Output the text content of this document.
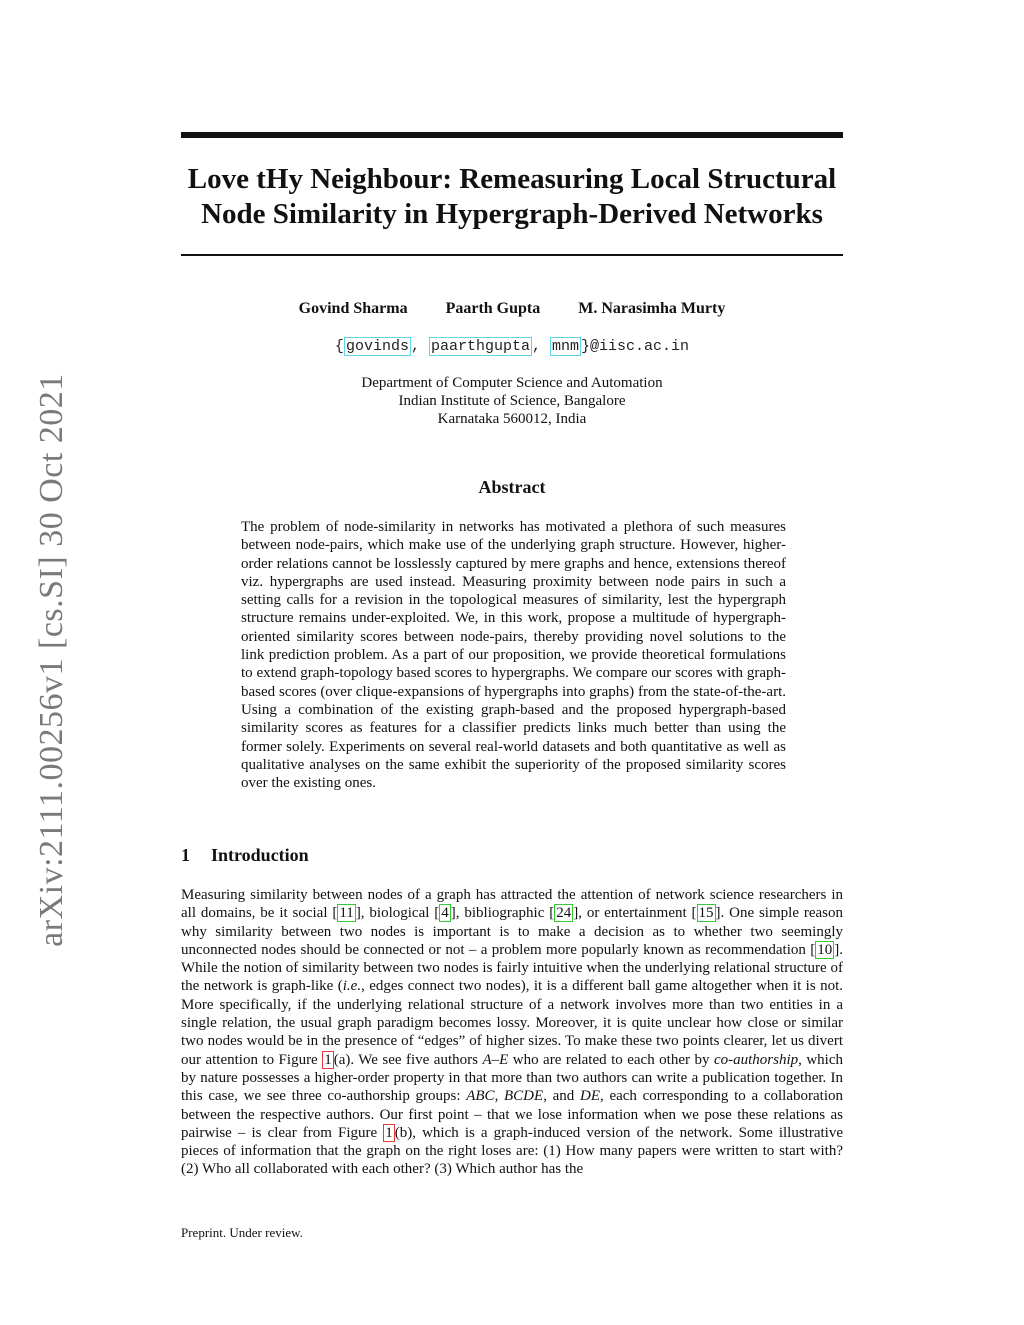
arXiv:2111.00256v1 [cs.SI] 30 Oct 2021
Love tHy Neighbour: Remeasuring Local Structural
Node Similarity in Hypergraph-Derived Networks
Govind Sharma Paarth Gupta M. Narasimha Murty
{ govinds , paarthgupta , mnm }@iisc.ac.in
Department of Computer Science and Automation
Indian Institute of Science, Bangalore
Karnataka 560012, India
Abstract

The problem of node-similarity in networks has motivated a plethora of such measures between node-pairs, which make use of the underlying graph structure. However, higher-order relations cannot be losslessly captured by mere graphs and hence, extensions thereof viz. hypergraphs are used instead. Measuring proximity between node pairs in such a setting calls for a revision in the topological measures of similarity, lest the hypergraph structure remains under-exploited. We, in this work, propose a multitude of hypergraph-oriented similarity scores between node-pairs, thereby providing novel solutions to the link prediction problem. As a part of our proposition, we provide theoretical formulations to extend graph-topology based scores to hypergraphs. We compare our scores with graph-based scores (over clique-expansions of hypergraphs into graphs) from the state-of-the-art. Using a combination of the existing graph-based and the proposed hypergraph-based similarity scores as features for a classifier predicts links much better than using the former solely. Experiments on several real-world datasets and both quantitative as well as qualitative analyses on the same exhibit the superiority of the proposed similarity scores over the existing ones.

1 Introduction

Measuring similarity between nodes of a graph has attracted the attention of network science researchers in all domains, be it social [ 11 ], biological [ 4 ], bibliographic [ 24 ], or entertainment [ 15 ]. One simple reason why similarity between two nodes is important is to make a decision as to whether two seemingly unconnected nodes should be connected or not – a problem more popularly known as recommendation [ 10 ]. While the notion of similarity between two nodes is fairly intuitive when the underlying relational structure of the network is graph-like (i.e., edges connect two nodes), it is a different ball game altogether when it is not. More specifically, if the underlying relational structure of a network involves more than two entities in a single relation, the usual graph paradigm becomes lossy. Moreover, it is quite unclear how close or similar two nodes would be in the presence of “edges” of higher sizes. To make these two points clearer, let us divert our attention to Figure 1 (a). We see five authors A–E who are related to each other by co-authorship, which by nature possesses a higher-order property in that more than two authors can write a publication together. In this case, we see three co-authorship groups: ABC, BCDE, and DE, each corresponding to a collaboration between the respective authors. Our first point – that we lose information when we pose these relations as pairwise – is clear from Figure 1 (b), which is a graph-induced version of the network. Some illustrative pieces of information that the graph on the right loses are: (1) How many papers were written to start with? (2) Who all collaborated with each other? (3) Which author has the

Preprint. Under review.
